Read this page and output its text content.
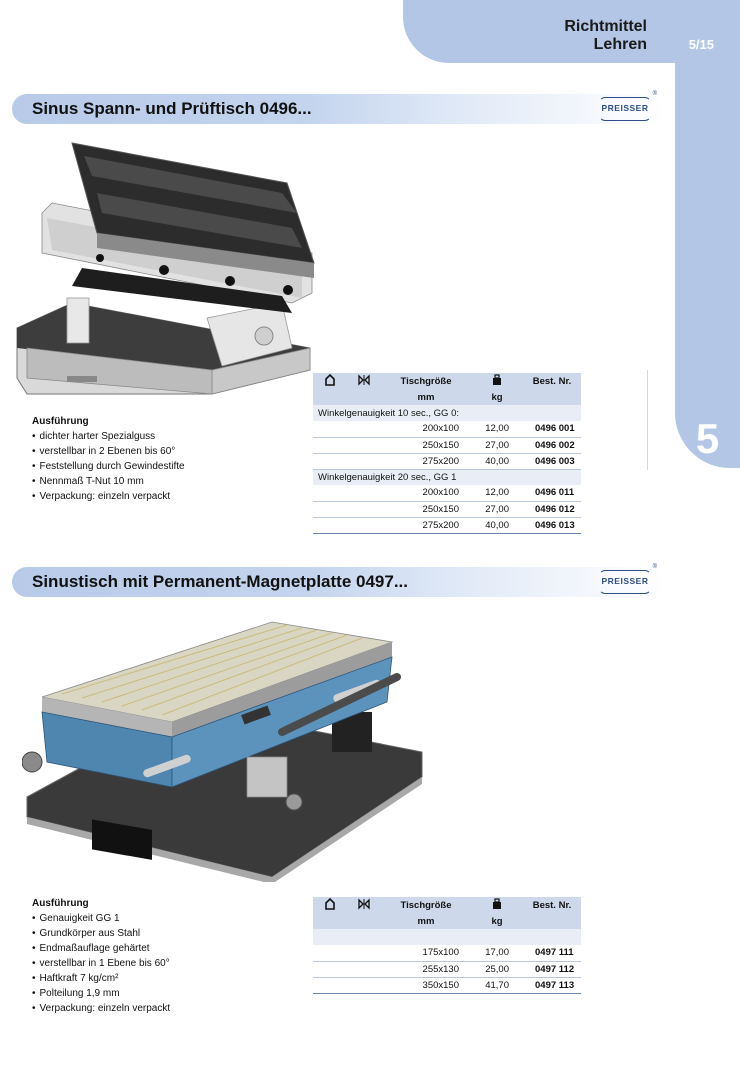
Richtmittel
Lehren	5/15
5
Sinus Spann- und Prüftisch 0496...	PREISSER
®
Ausführung
• dichter harter Spezialguss
• verstellbar in 2 Ebenen bis 60°
• Feststellung durch Gewindestifte
• Nennmaß T-Nut 10 mm
• Verpackung: einzeln verpackt
		Tischgröße		Best. Nr.
		mm	kg	
Winkelgenauigkeit 10 sec., GG 0:				
		200x100	12,00	0496 001
		250x150	27,00	0496 002
		275x200	40,00	0496 003
Winkelgenauigkeit 20 sec., GG 1				
		200x100	12,00	0496 011
		250x150	27,00	0496 012
		275x200	40,00	0496 013
Sinustisch mit Permanent-Magnetplatte 0497...	PREISSER
®
Ausführung
• Genauigkeit GG 1
• Grundkörper aus Stahl
• Endmaßauflage gehärtet
• verstellbar in 1 Ebene bis 60°
• Haftkraft 7 kg/cm²
• Polteilung 1,9 mm
• Verpackung: einzeln verpackt
		Tischgröße		Best. Nr.
		mm	kg	

		175x100	17,00	0497 111
		255x130	25,00	0497 112
		350x150	41,70	0497 113
